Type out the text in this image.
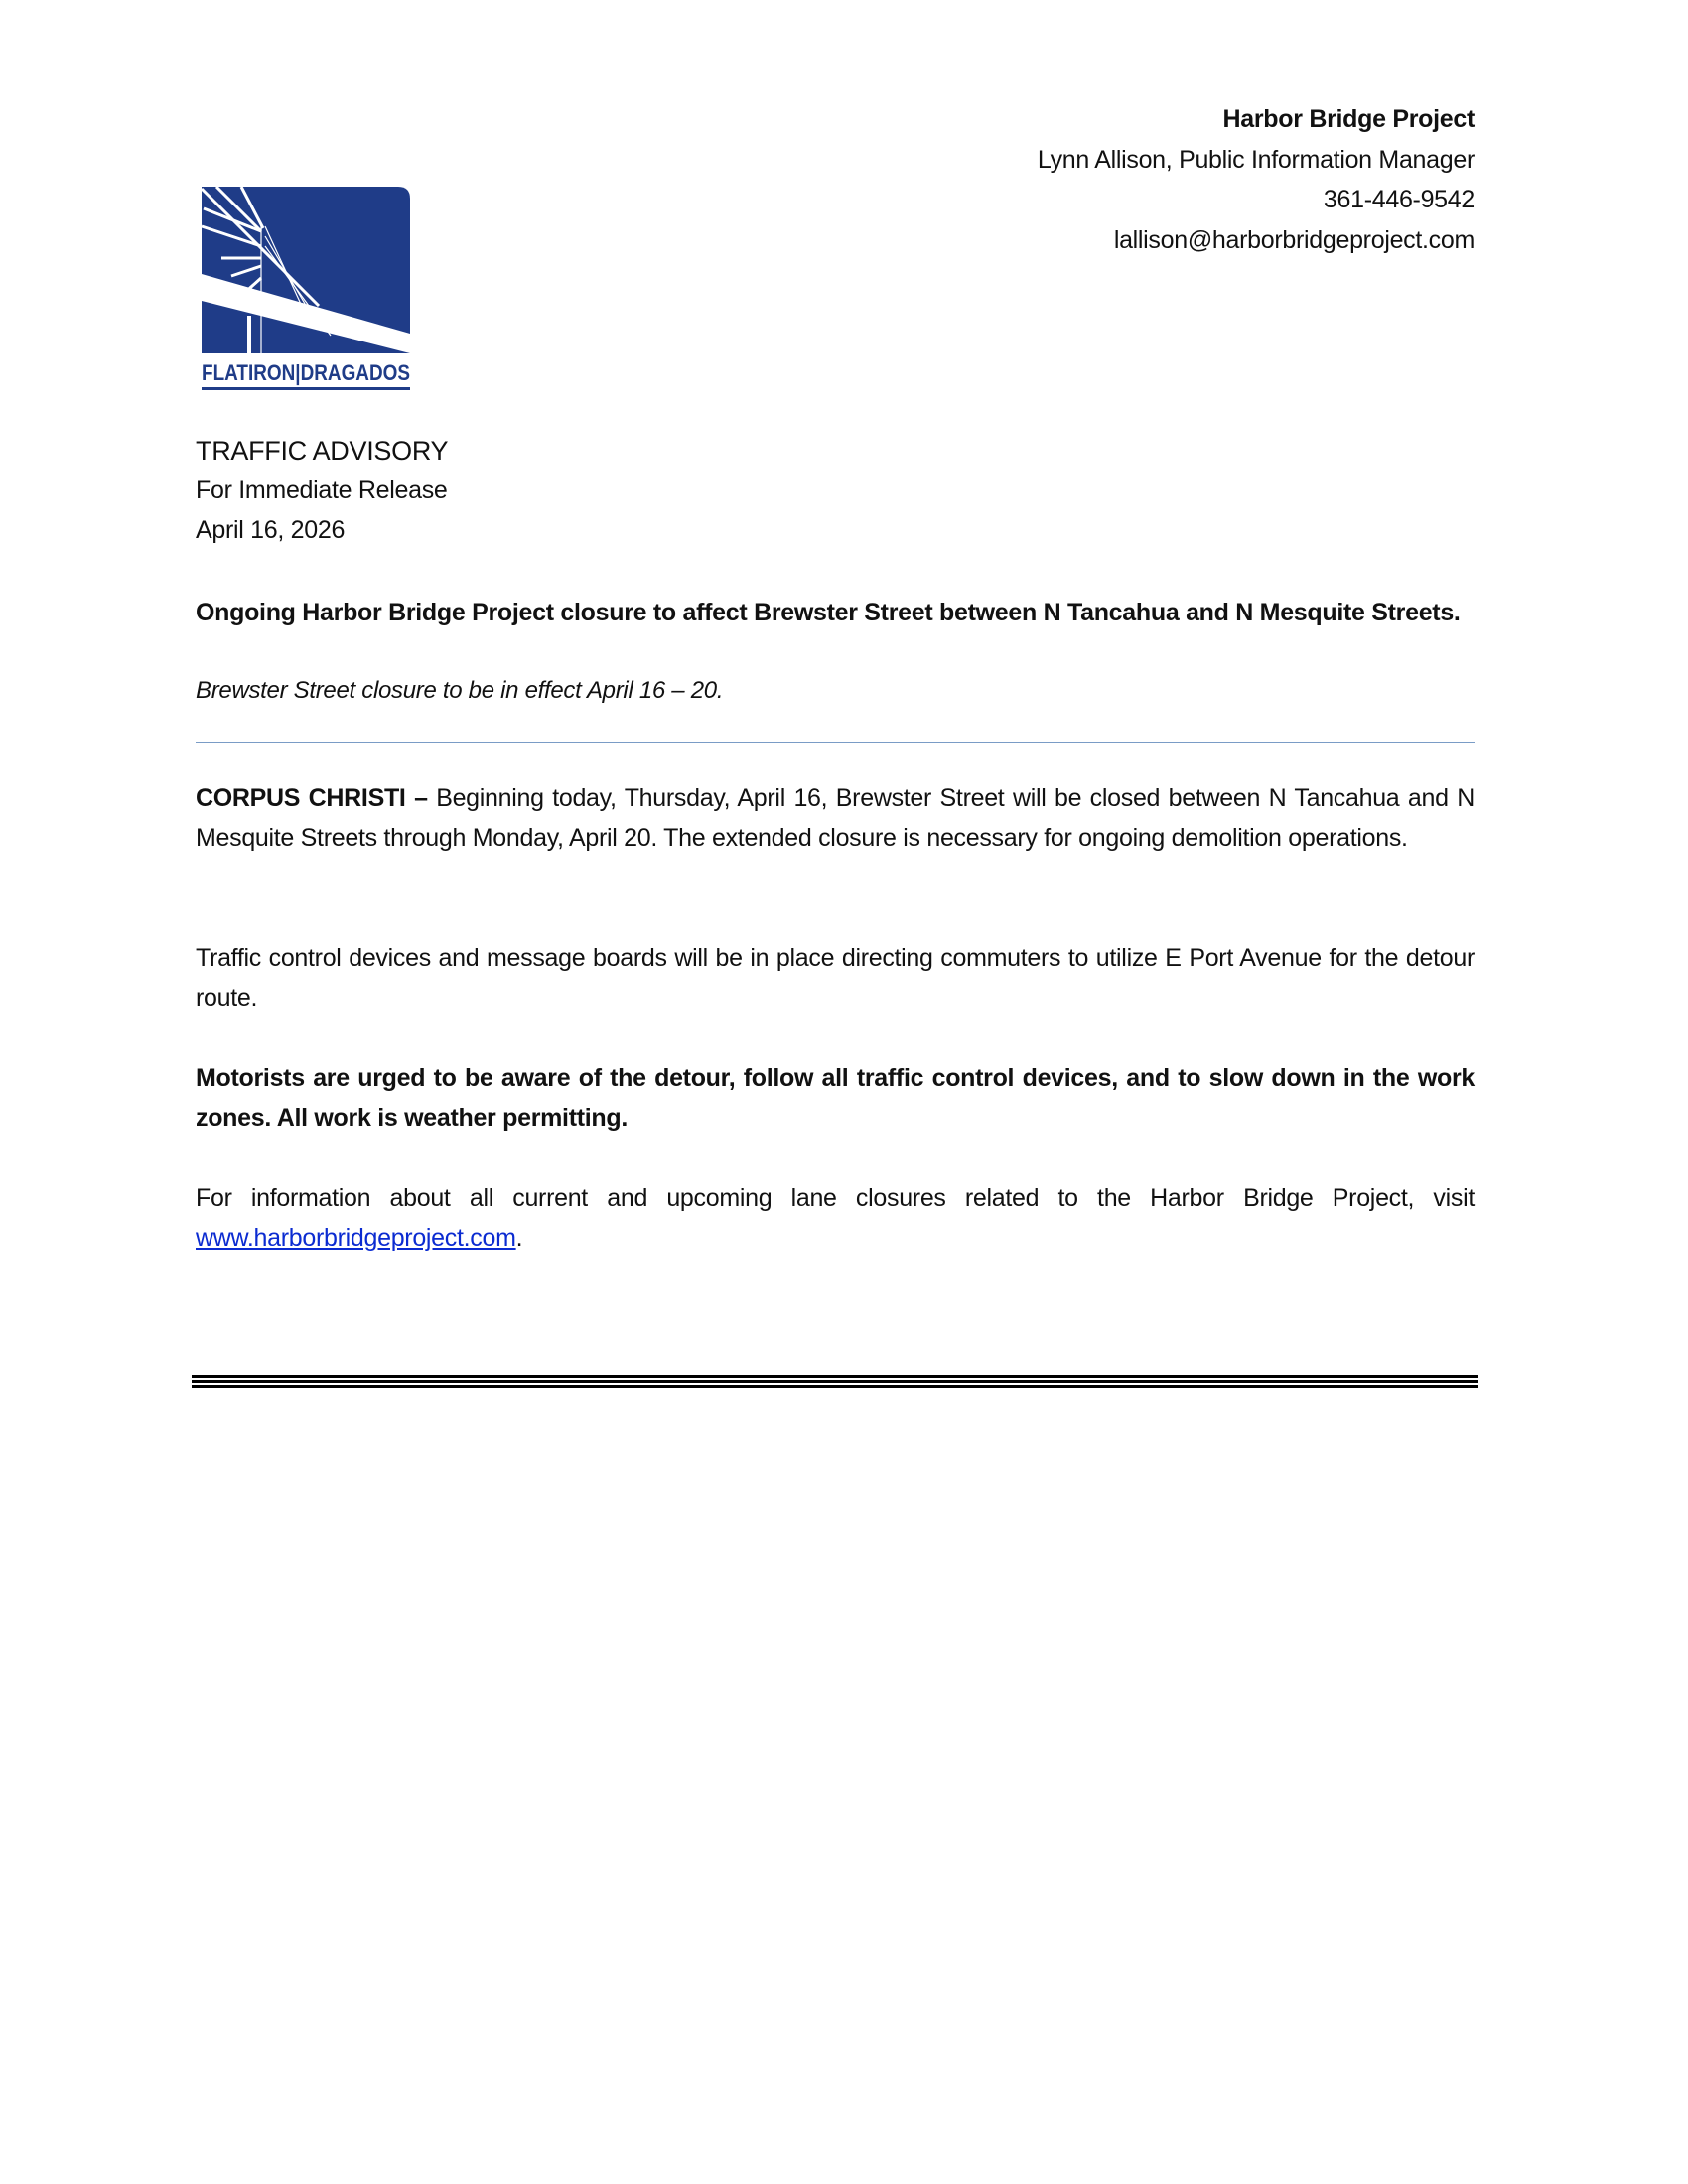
Harbor Bridge Project
Lynn Allison, Public Information Manager
361-446-9542
lallison@harborbridgeproject.com
FLATIRON|DRAGADOS
TRAFFIC ADVISORY
For Immediate Release
April 16, 2026
Ongoing Harbor Bridge Project closure to affect Brewster Street between N Tancahua and N Mesquite Streets.
Brewster Street closure to be in effect April 16 – 20.
CORPUS CHRISTI – Beginning today, Thursday, April 16, Brewster Street will be closed between N Tancahua and N Mesquite Streets through Monday, April 20. The extended closure is necessary for ongoing demolition operations.
Traffic control devices and message boards will be in place directing commuters to utilize E Port Avenue for the detour route.
Motorists are urged to be aware of the detour, follow all traffic control devices, and to slow down in the work zones. All work is weather permitting.
For information about all current and upcoming lane closures related to the Harbor Bridge Project, visit www.harborbridgeproject.com.
